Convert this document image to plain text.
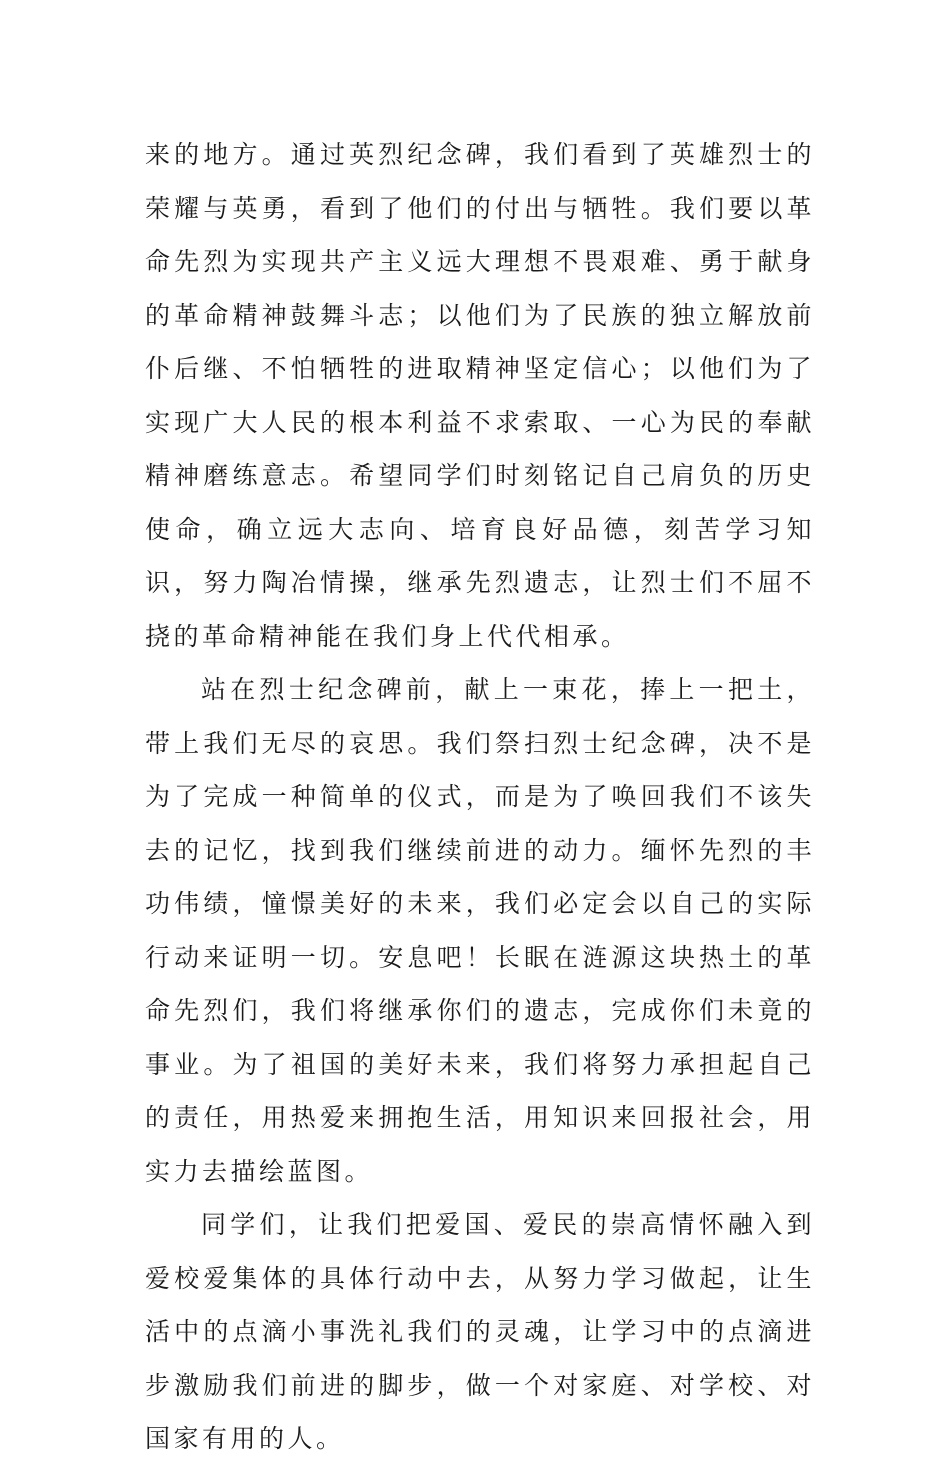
来的地方。通过英烈纪念碑，我们看到了英雄烈士的荣耀与英勇，看到了他们的付出与牺牲。我们要以革命先烈为实现共产主义远大理想不畏艰难、勇于献身的革命精神鼓舞斗志；以他们为了民族的独立解放前仆后继、不怕牺牲的进取精神坚定信心；以他们为了实现广大人民的根本利益不求索取、一心为民的奉献精神磨练意志。希望同学们时刻铭记自己肩负的历史使命，确立远大志向、培育良好品德，刻苦学习知识，努力陶冶情操，继承先烈遗志，让烈士们不屈不挠的革命精神能在我们身上代代相承。

站在烈士纪念碑前，献上一束花，捧上一把土，带上我们无尽的哀思。我们祭扫烈士纪念碑，决不是为了完成一种简单的仪式，而是为了唤回我们不该失去的记忆，找到我们继续前进的动力。缅怀先烈的丰功伟绩，憧憬美好的未来，我们必定会以自己的实际行动来证明一切。安息吧！长眠在涟源这块热土的革命先烈们，我们将继承你们的遗志，完成你们未竟的事业。为了祖国的美好未来，我们将努力承担起自己的责任，用热爱来拥抱生活，用知识来回报社会，用实力去描绘蓝图。

同学们，让我们把爱国、爱民的崇高情怀融入到爱校爱集体的具体行动中去，从努力学习做起，让生活中的点滴小事洗礼我们的灵魂，让学习中的点滴进步激励我们前进的脚步，做一个对家庭、对学校、对国家有用的人。
